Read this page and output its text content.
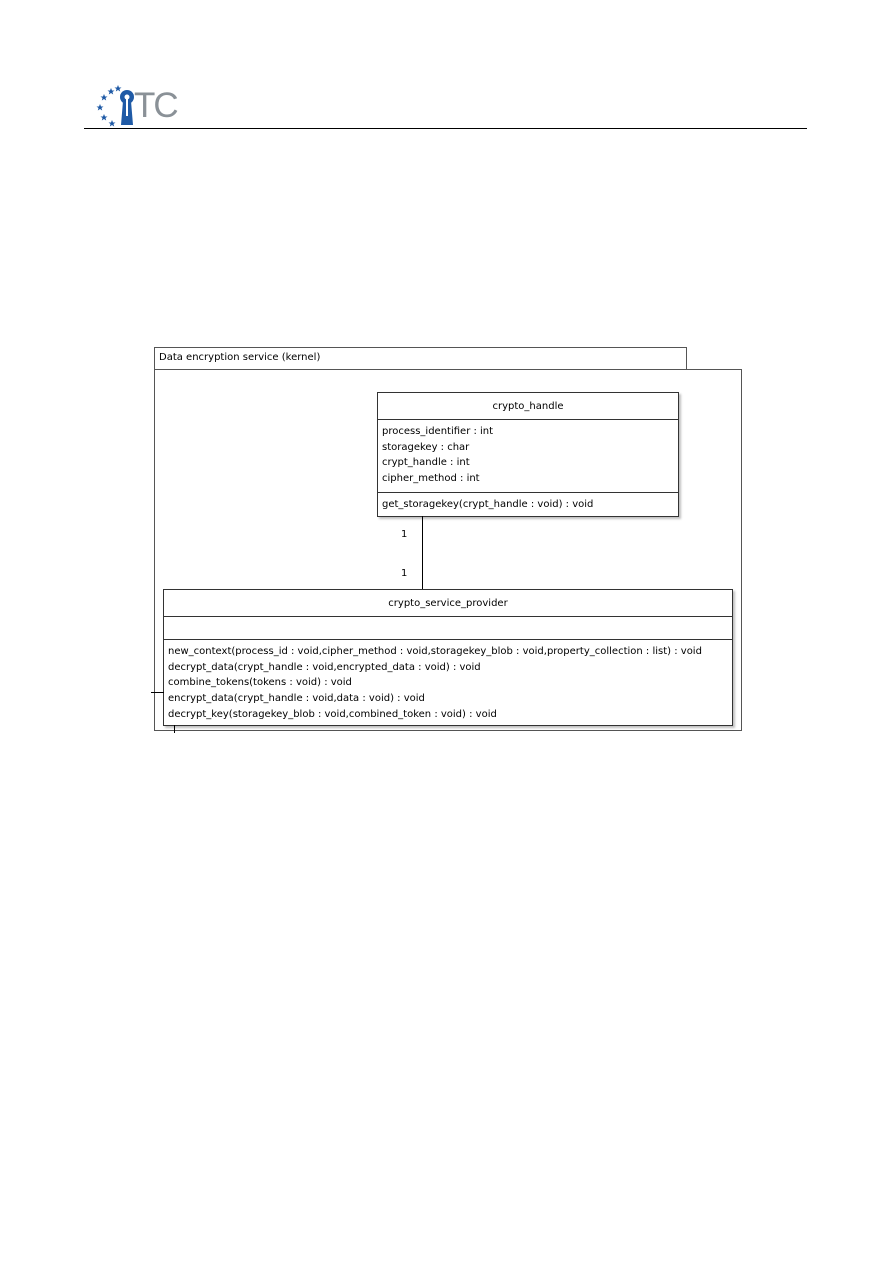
TC
Data encryption service (kernel)
crypto_handle
process_identifier : int
storagekey : char
crypt_handle : int
cipher_method : int
get_storagekey(crypt_handle : void) : void
1
1
crypto_service_provider
new_context(process_id : void,cipher_method : void,storagekey_blob : void,property_collection : list) : void
decrypt_data(crypt_handle : void,encrypted_data : void) : void
combine_tokens(tokens : void) : void
encrypt_data(crypt_handle : void,data : void) : void
decrypt_key(storagekey_blob : void,combined_token : void) : void
